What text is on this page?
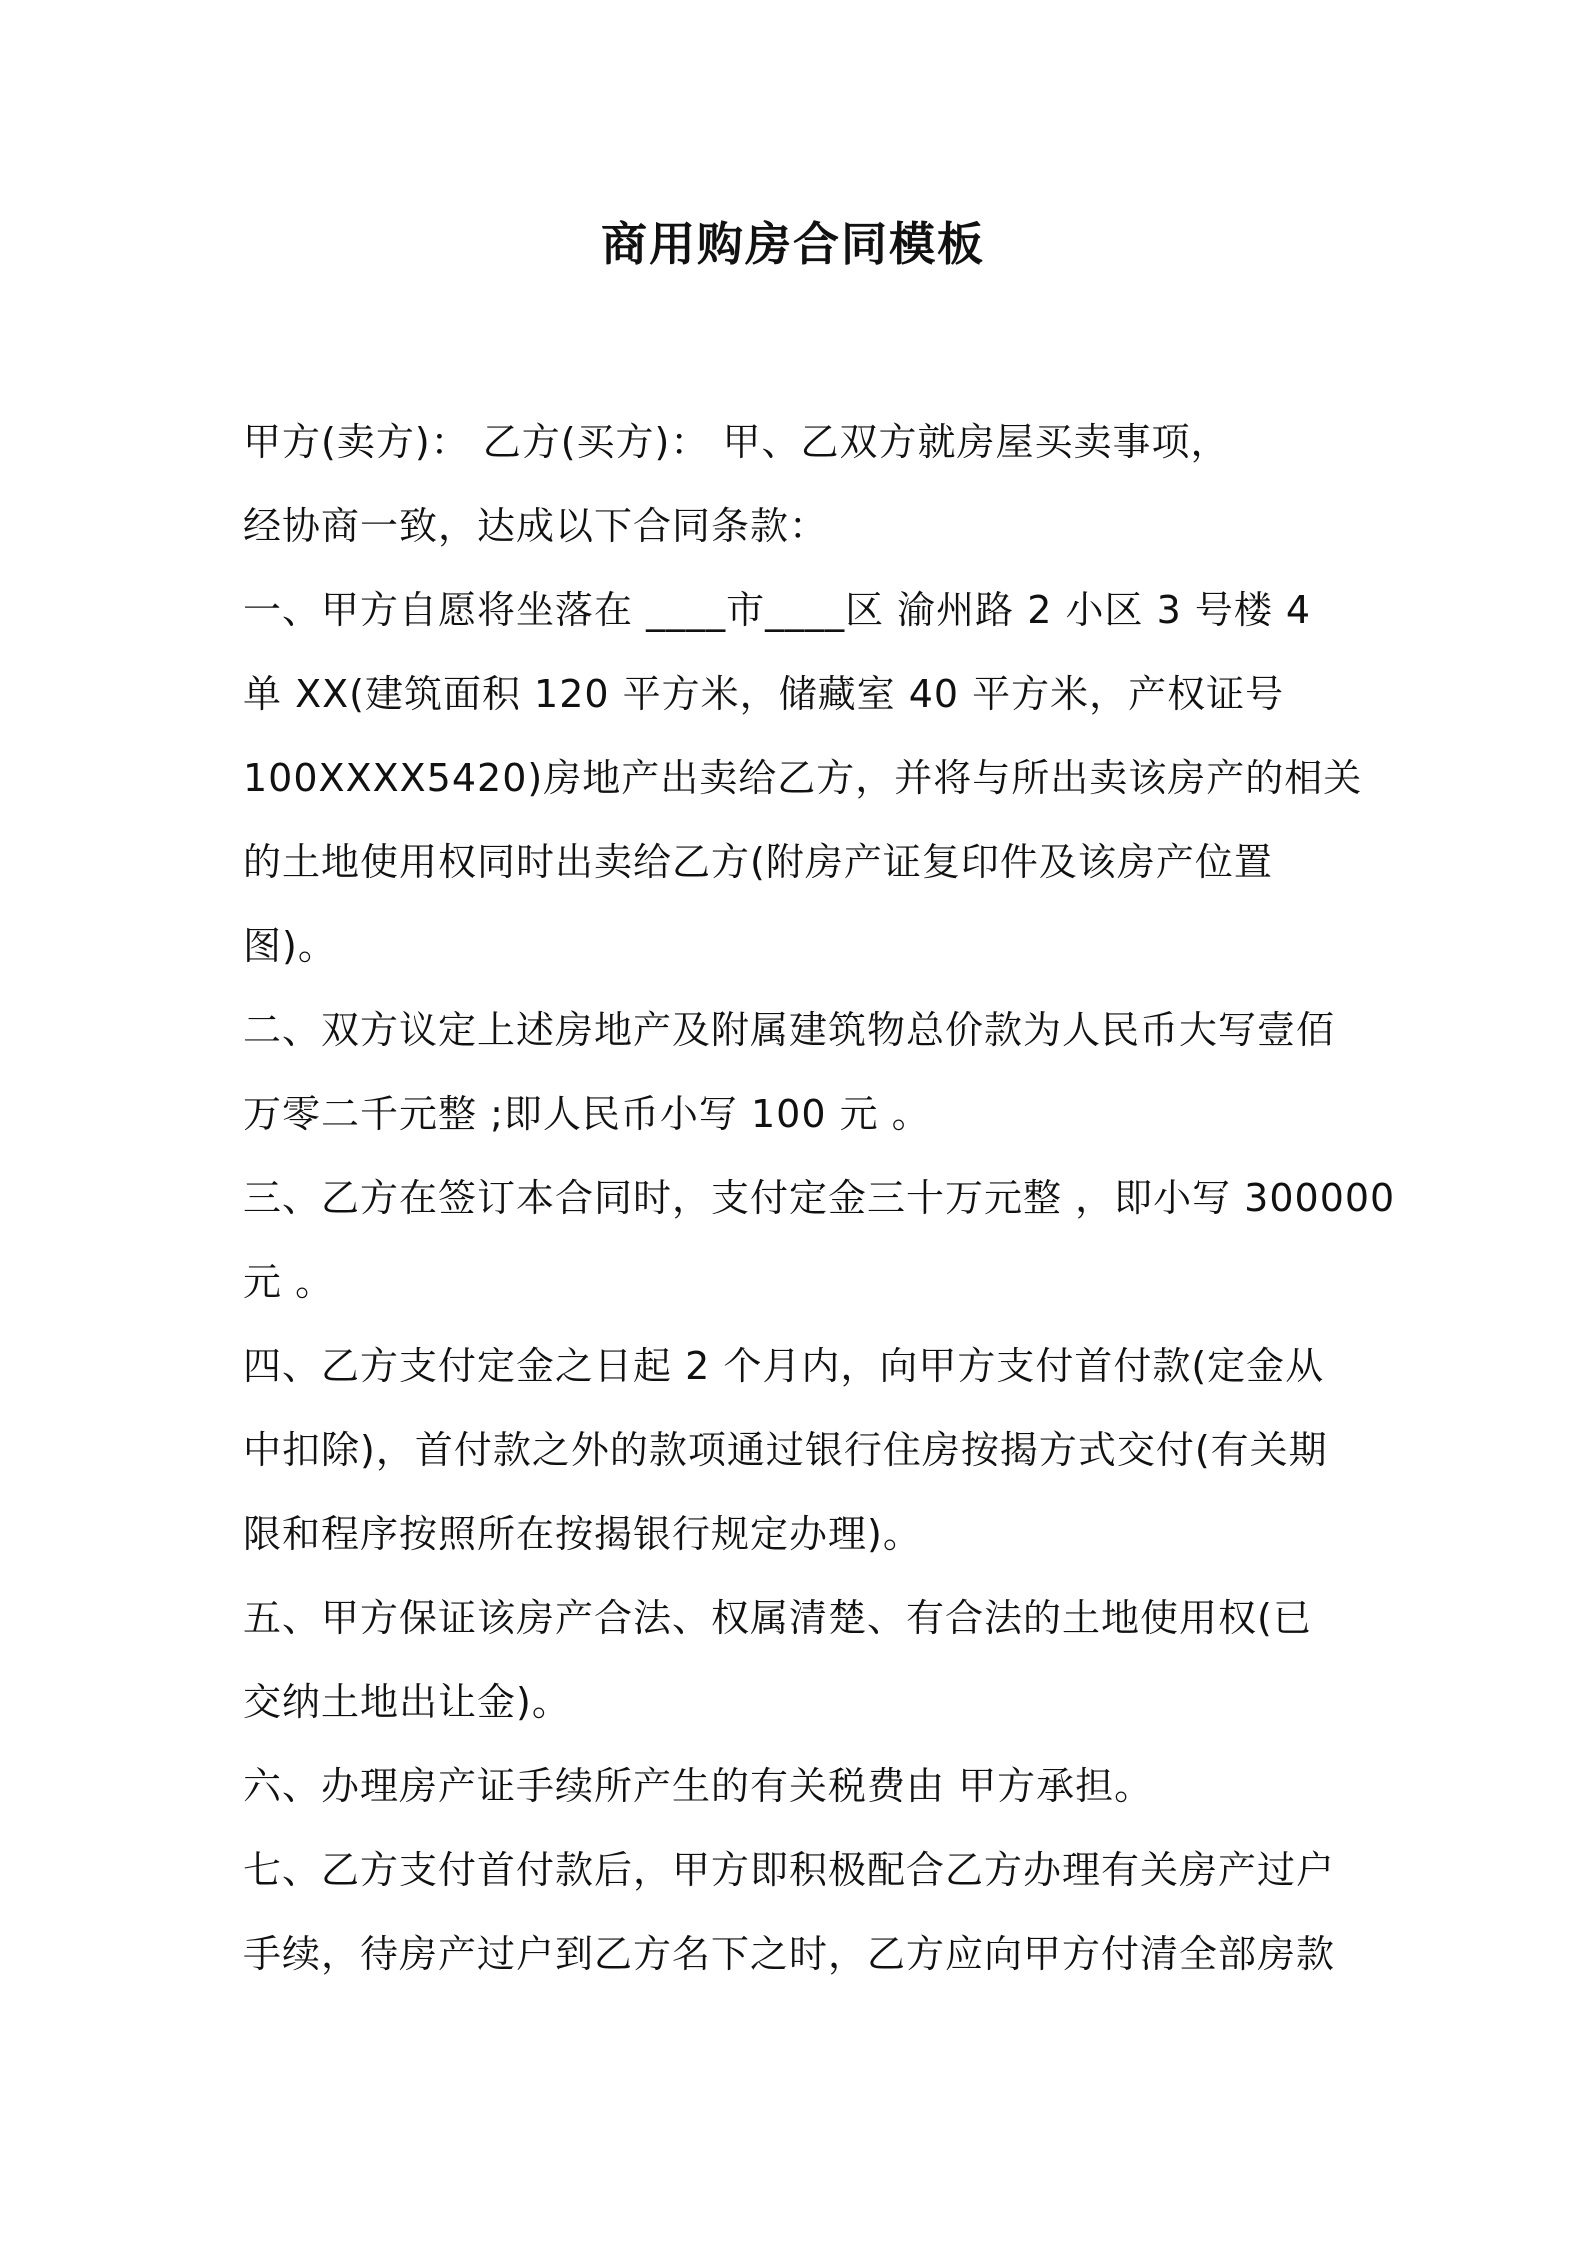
商用购房合同模板
甲方(卖方)： 乙方(买方)： 甲、乙双方就房屋买卖事项，
经协商一致，达成以下合同条款：
一、甲方自愿将坐落在 ____市____区 渝州路 2 小区 3 号楼 4
单 XX(建筑面积 120 平方米，储藏室 40 平方米，产权证号
100XXXX5420)房地产出卖给乙方，并将与所出卖该房产的相关
的土地使用权同时出卖给乙方(附房产证复印件及该房产位置
图)。
二、双方议定上述房地产及附属建筑物总价款为人民币大写壹佰
万零二千元整 ;即人民币小写 100 元 。
三、乙方在签订本合同时，支付定金三十万元整 ，即小写 300000
元 。
四、乙方支付定金之日起 2 个月内，向甲方支付首付款(定金从
中扣除)，首付款之外的款项通过银行住房按揭方式交付(有关期
限和程序按照所在按揭银行规定办理)。
五、甲方保证该房产合法、权属清楚、有合法的土地使用权(已
交纳土地出让金)。
六、办理房产证手续所产生的有关税费由 甲方承担。
七、乙方支付首付款后，甲方即积极配合乙方办理有关房产过户
手续，待房产过户到乙方名下之时，乙方应向甲方付清全部房款
